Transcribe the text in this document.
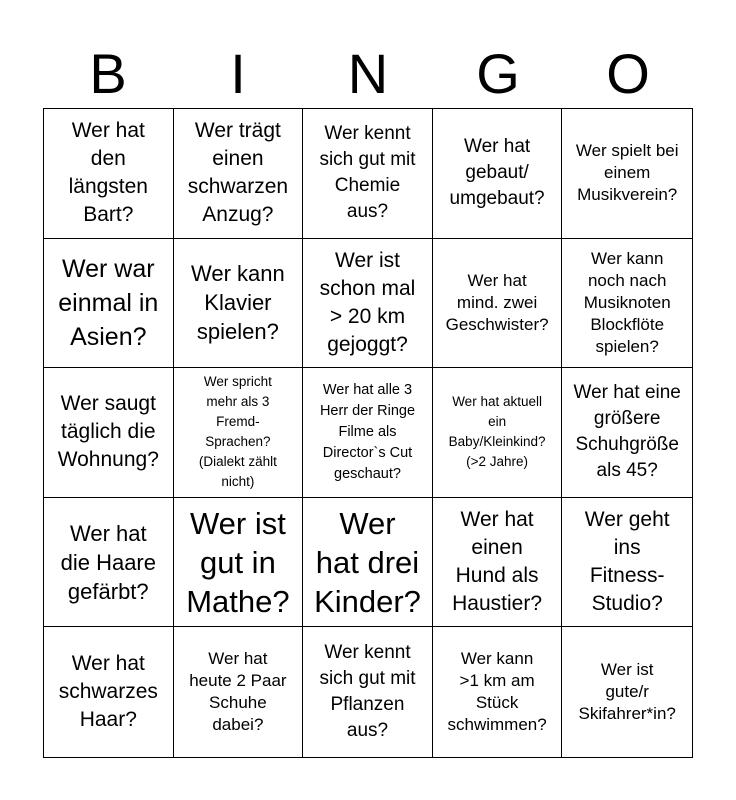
B	I	N	G	O
Wer hat
den
längsten
Bart?
Wer trägt
einen
schwarzen
Anzug?
Wer kennt
sich gut mit
Chemie
aus?
Wer hat
gebaut/
umgebaut?
Wer spielt bei
einem
Musikverein?
Wer war
einmal in
Asien?
Wer kann
Klavier
spielen?
Wer ist
schon mal
> 20 km
gejoggt?
Wer hat
mind. zwei
Geschwister?
Wer kann
noch nach
Musiknoten
Blockflöte
spielen?
Wer saugt
täglich die
Wohnung?
Wer spricht
mehr als 3
Fremd-
Sprachen?
(Dialekt zählt
nicht)
Wer hat alle 3
Herr der Ringe
Filme als
Director`s Cut
geschaut?
Wer hat aktuell
ein
Baby/Kleinkind?
(>2 Jahre)
Wer hat eine
größere
Schuhgröße
als 45?
Wer hat
die Haare
gefärbt?
Wer ist
gut in
Mathe?
Wer
hat drei
Kinder?
Wer hat
einen
Hund als
Haustier?
Wer geht
ins
Fitness-
Studio?
Wer hat
schwarzes
Haar?
Wer hat
heute 2 Paar
Schuhe
dabei?
Wer kennt
sich gut mit
Pflanzen
aus?
Wer kann
>1 km am
Stück
schwimmen?
Wer ist
gute/r
Skifahrer*in?
